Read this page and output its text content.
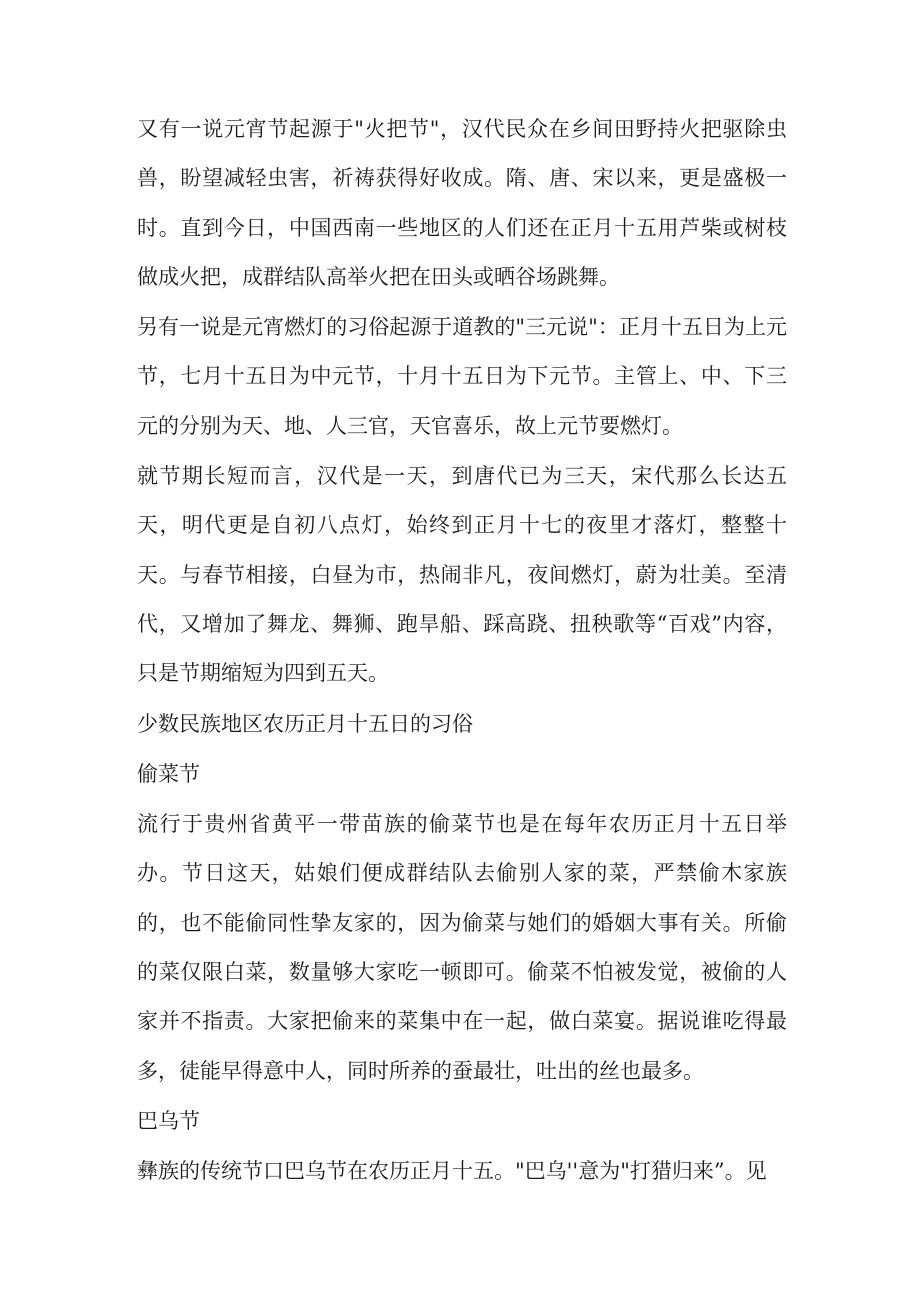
又有一说元宵节起源于"火把节"，汉代民众在乡间田野持火把驱除虫兽，盼望减轻虫害，祈祷获得好收成。隋、唐、宋以来，更是盛极一时。直到今日，中国西南一些地区的人们还在正月十五用芦柴或树枝做成火把，成群结队高举火把在田头或晒谷场跳舞。

另有一说是元宵燃灯的习俗起源于道教的"三元说"：正月十五日为上元节，七月十五日为中元节，十月十五日为下元节。主管上、中、下三元的分别为天、地、人三官，天官喜乐，故上元节要燃灯。

就节期长短而言，汉代是一天，到唐代已为三天，宋代那么长达五天，明代更是自初八点灯，始终到正月十七的夜里才落灯，整整十天。与春节相接，白昼为市，热闹非凡，夜间燃灯，蔚为壮美。至清代，又增加了舞龙、舞狮、跑旱船、踩高跷、扭秧歌等“百戏”内容，只是节期缩短为四到五天。

少数民族地区农历正月十五日的习俗

偷菜节

流行于贵州省黄平一带苗族的偷菜节也是在每年农历正月十五日举办。节日这天，姑娘们便成群结队去偷别人家的菜，严禁偷木家族的，也不能偷同性挚友家的，因为偷菜与她们的婚姻大事有关。所偷的菜仅限白菜，数量够大家吃一顿即可。偷菜不怕被发觉，被偷的人家并不指责。大家把偷来的菜集中在一起，做白菜宴。据说谁吃得最多，徒能早得意中人，同时所养的蚕最壮，吐出的丝也最多。

巴乌节

彝族的传统节口巴乌节在农历正月十五。"巴乌''意为"打猎归来”。见
